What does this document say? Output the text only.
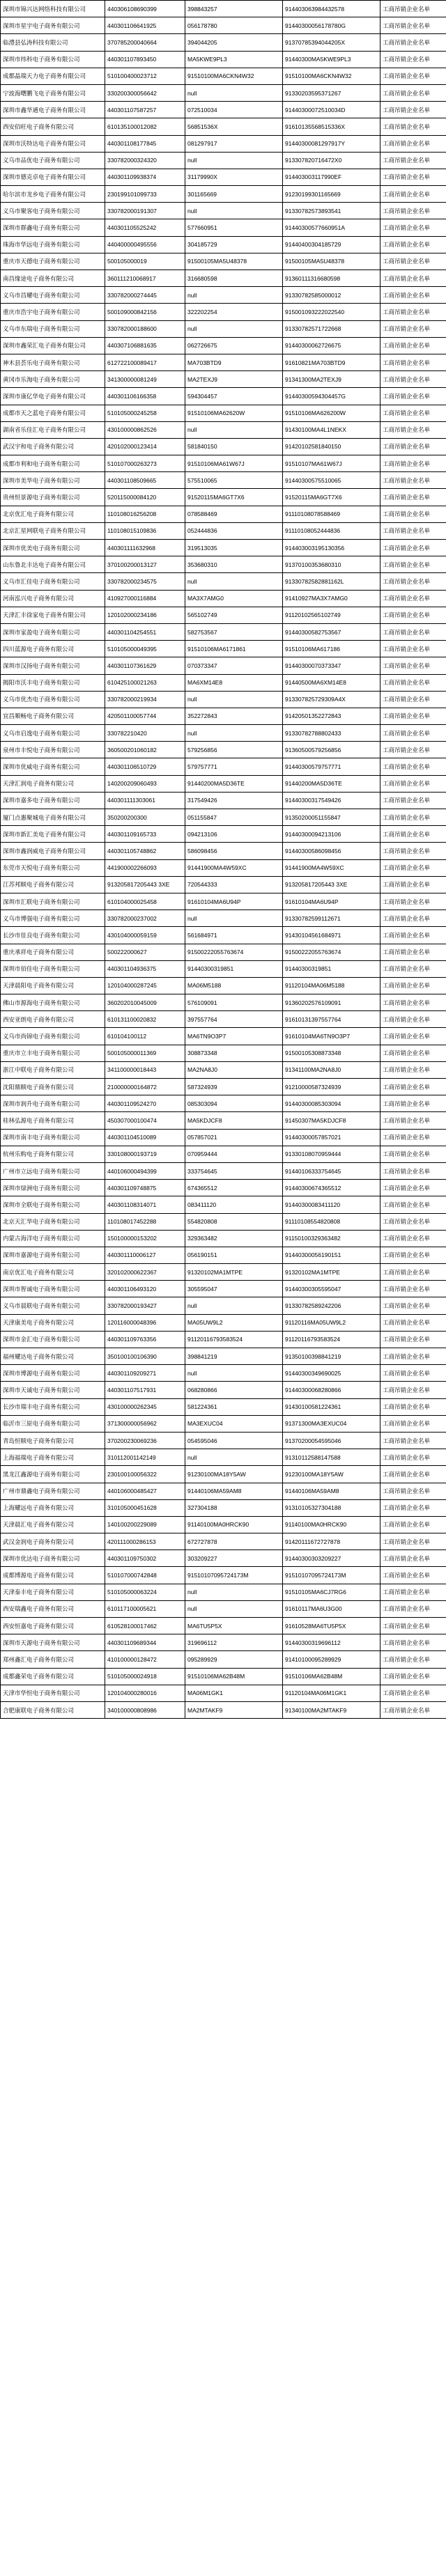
深圳市锦兴达网络科技有限公司	440306108690399	398843257	914403063984432578	工商吊销企业名单
深圳市星宇电子商务有限公司	440301106641925	056178780	91440300056178780G	工商吊销企业名单
临澧县弘涛科技有限公司	370785200040664	394044205	91370785394044205X	工商吊销企业名单
深圳市纬科电子商务有限公司	440301107893450	MA5KWE9PL3	91440300MA5KWE9PL3	工商吊销企业名单
成都晶瑞天力电子商务有限公司	510100400023712	91510100MA6CKN4W32	91510100MA6CKN4W32	工商吊销企业名单
宁波海曙鹏飞电子商务有限公司	330200300056642	null	91330203595371267	工商吊销企业名单
深圳市鑫华通电子商务有限公司	440301107587257	072510034	91440300072510034D	工商吊销企业名单
西安佰旺电子商务有限公司	610135100012082	56851536X	91610135568515336X	工商吊销企业名单
深圳市沃特达电子商务有限公司	440301108177845	081297917	91440300081297917Y	工商吊销企业名单
义乌市品优电子商务有限公司	330782000324320	null	913307820716472X0	工商吊销企业名单
深圳市德克卓电子商务有限公司	440301109938374	31179990X	914403003117990EF	工商吊销企业名单
哈尔滨市龙乡电子商务有限公司	230199101099733	301165669	91230199301165669	工商吊销企业名单
义乌市聚客电子商务有限公司	330782000191307	null	91330782573893541	工商吊销企业名单
深圳市群鑫电子商务有限公司	440301105525242	577660951	91440300577660951A	工商吊销企业名单
珠海市华远电子商务有限公司	440400000495556	304185729	91440400304185729	工商吊销企业名单
重庆市天德电子商务有限公司	500105000019	91500105MA5U48378	91500105MA5U48378	工商吊销企业名单
南昌缘途电子商务有限公司	360111210068917	316680598	91360111316680598	工商吊销企业名单
义乌市昌耀电子商务有限公司	330782000274445	null	91330782585000012	工商吊销企业名单
重庆市浩宇电子商务有限公司	500109000842156	322202254	915001093222022540	工商吊销企业名单
义乌市东瑞电子商务有限公司	330782000188600	null	91330782571722668	工商吊销企业名单
深圳市鑫荣汇电子商务有限公司	440307106881635	062726675	91440300062726675	工商吊销企业名单
神木县荟乐电子商务有限公司	612722100089417	MA703BTD9	91610821MA703BTD9	工商吊销企业名单
黄冈市乐淘电子商务有限公司	341300000081249	MA2TEXJ9	91341300MA2TEXJ9	工商吊销企业名单
深圳市康亿华电子商务有限公司	440301106166358	594304457	91440300594304457G	工商吊销企业名单
成都市天之蓝电子商务有限公司	510105000245258	91510106MA62620W	91510106MA626200W	工商吊销企业名单
湖南省乐佳汇电子商务有限公司	430100000862526	null	91430100MA4L1NEKX	工商吊销企业名单
武汉宇和电子商务有限公司	420102000123414	581840150	91420102581840150	工商吊销企业名单
成都市利和电子商务有限公司	510107000263273	91510106MA61W67J	91510107MA61W67J	工商吊销企业名单
深圳市美华电子商务有限公司	440301108509665	575510065	91440300575510065	工商吊销企业名单
贵州恒景源电子商务有限公司	520115000084120	91520115MA6GT7X6	91520115MA6GT7X6	工商吊销企业名单
北京优汇电子商务有限公司	110108016256208	078588469	91110108078588469	工商吊销企业名单
北京汇星网联电子商务有限公司	110108015109836	052444836	91110108052444836	工商吊销企业名单
深圳市优美电子商务有限公司	440301111632968	319513035	914403003195130356	工商吊销企业名单
山东鲁北丰达电子商务有限公司	370100200013127	353680310	91370100353680310	工商吊销企业名单
义乌市汇佳电子商务有限公司	330782000234575	null	91330782582881162L	工商吊销企业名单
河南泓兴电子商务有限公司	410927000116884	MA3X7AMG0	91410927MA3X7AMG0	工商吊销企业名单
天津汇丰徐家电子商务有限公司	120102000234186	565102749	91120102565102749	工商吊销企业名单
深圳市家盈电子商务有限公司	440301104254551	582753567	91440300582753567	工商吊销企业名单
四川蓝源电子商务有限公司	510105000049395	91510106MA6171861	91510106MA617186	工商吊销企业名单
深圳市汉扬电子商务有限公司	440301107361629	070373347	91440300070373347	工商吊销企业名单
揭阳市沃丰电子商务有限公司	610425100021263	MA6XM14E8	91440500MA6XM14E8	工商吊销企业名单
义乌市优杰电子商务有限公司	330782000219934	null	913307825729309A4X	工商吊销企业名单
宜昌顺畅电子商务有限公司	420501100057744	352272843	91420501352272843	工商吊销企业名单
义乌市启逸电子商务有限公司	330782210420	null	91330782788802433	工商吊销企业名单
泉州市丰悦电子商务有限公司	360500201060182	579256856	91360500579256856	工商吊销企业名单
深圳市优威电子商务有限公司	440301106510729	579757771	91440300579757771	工商吊销企业名单
天津汇润电子商务有限公司	140200209060493	91440200MA5D36TE	91440200MA5D36TE	工商吊销企业名单
深圳市嘉多电子商务有限公司	440301111303061	317549426	91440300317549426	工商吊销企业名单
厦门点惠聚城电子商务有限公司	350200200300	051155847	91350200051155847	工商吊销企业名单
深圳市新汇美电子商务有限公司	440301109165733	094213106	91440300094213106	工商吊销企业名单
深圳市鑫润威电子商务有限公司	440301105748862	586098456	91440300586098456	工商吊销企业名单
东莞市天悦电子商务有限公司	441900002266093	91441900MA4W59XC	91441900MA4W59XC	工商吊销企业名单
江苏邦顺电子商务有限公司	913205817205443 3XE	720544333	913205817205443 3XE	工商吊销企业名单
深圳市汇联电子商务有限公司	610104000025458	91610104MA6U94P	91610104MA6U94P	工商吊销企业名单
义乌市博强电子商务有限公司	330782000237002	null	91330782599112671	工商吊销企业名单
长沙市佳良电子商务有限公司	430104000059159	561684971	91430104561684971	工商吊销企业名单
重庆承祥电子商务有限公司	500222000627	91500222055763674	91500222055763674	工商吊销企业名单
深圳市佰佳电子商务有限公司	440301104936375	91440300319851	91440300319851	工商吊销企业名单
天津晨阳电子商务有限公司	120104000287245	MA06M5188	91120104MA06M5188	工商吊销企业名单
佛山市源海电子商务有限公司	360202010045009	576109091	91360202576109091	工商吊销企业名单
西安亚朗电子商务有限公司	610131100020832	397557764	91610131397557764	工商吊销企业名单
义乌市尚锦电子商务有限公司	610104100112	MA6TN9O3P7	91610104MA6TN9O3P7	工商吊销企业名单
重庆市立丰电子商务有限公司	500105000011369	308873348	91500105308873348	工商吊销企业名单
浙江中联电子商务有限公司	341100000018443	MA2NA8J0	91341100MA2NA8J0	工商吊销企业名单
沈阳鼎顺电子商务有限公司	210000000164872	587324939	91210000587324939	工商吊销企业名单
深圳市润升电子商务有限公司	440301109524270	085303094	91440300085303094	工商吊销企业名单
桂林弘源电子商务有限公司	450307000100474	MA5KDJCF8	91450307MA5KDJCF8	工商吊销企业名单
深圳市南丰电子商务有限公司	440301104510089	057857021	91440300057857021	工商吊销企业名单
杭州乐购电子商务有限公司	330108000193719	070959444	91330108070959444	工商吊销企业名单
广州市立远电子商务有限公司	440106000494399	333754645	91440106333754645	工商吊销企业名单
深圳市绿洲电子商务有限公司	440301109748875	674365512	91440300674365512	工商吊销企业名单
深圳市全联电子商务有限公司	440301108314071	083411120	91440300083411120	工商吊销企业名单
北京天汇华电子商务有限公司	110108017452288	554820808	91110108554820808	工商吊销企业名单
内蒙古海洋电子商务有限公司	150100000153202	329363482	91150100329363482	工商吊销企业名单
深圳市嘉源电子商务有限公司	440301110006127	056190151	91440300056190151	工商吊销企业名单
南京优汇电子商务有限公司	320102000622367	91320102MA1MTPE	91320102MA1MTPE	工商吊销企业名单
深圳市智诚电子商务有限公司	440301106493120	305595047	91440300305595047	工商吊销企业名单
义乌市晨联电子商务有限公司	330782000193427	null	91330782589242206	工商吊销企业名单
天津康美电子商务有限公司	120116000048396	MA05UW9L2	91120116MA05UW9L2	工商吊销企业名单
深圳市金汇电子商务有限公司	440301109763356	91120116793583524	91120116793583524	工商吊销企业名单
福州耀达电子商务有限公司	350100100106390	398841219	91350100398841219	工商吊销企业名单
深圳市博源电子商务有限公司	440301109209271	null	91440300349690025	工商吊销企业名单
深圳市天诚电子商务有限公司	440301107517931	068280866	91440300068280866	工商吊销企业名单
长沙市瑞丰电子商务有限公司	430100000262345	581224361	91430100581224361	工商吊销企业名单
临沂市三原电子商务有限公司	371300000056962	MA3EXUC04	91371300MA3EXUC04	工商吊销企业名单
青岛恒顺电子商务有限公司	370200230069236	054595046	91370200054595046	工商吊销企业名单
上海福瑞电子商务有限公司	310112001142149	null	91310112588147588	工商吊销企业名单
黑龙江鑫源电子商务有限公司	230100100056322	91230100MA18Y5AW	91230100MA18Y5AW	工商吊销企业名单
广州市鼎鑫电子商务有限公司	440106000485427	91440106MA59AM8	91440106MA59AM8	工商吊销企业名单
上海耀远电子商务有限公司	310105000451628	327304188	91310105327304188	工商吊销企业名单
天津晨汇电子商务有限公司	140100200229089	91140100MA0HRCK90	91140100MA0HRCK90	工商吊销企业名单
武汉金润电子商务有限公司	420111000286153	672727878	91420111672727878	工商吊销企业名单
深圳市优达电子商务有限公司	440301109750302	303209227	91440300303209227	工商吊销企业名单
成都博源电子商务有限公司	510107000742848	91510107095724173M	91510107095724173M	工商吊销企业名单
天津泰丰电子商务有限公司	510105000063224	null	91510105MA6CJ7RG6	工商吊销企业名单
西安瑞鑫电子商务有限公司	610117100005621	null	91610117MA6U3G00	工商吊销企业名单
西安恒嘉电子商务有限公司	610528100017462	MA6TU5P5X	91610528MA6TU5P5X	工商吊销企业名单
深圳市天源电子商务有限公司	440301109689344	319696112	91440300319696112	工商吊销企业名单
郑州鑫汇电子商务有限公司	410100000128472	095289929	91410100095289929	工商吊销企业名单
成都鑫荣电子商务有限公司	510105000024918	91510106MA62B48M	91510106MA62B48M	工商吊销企业名单
天津市华恒电子商务有限公司	120104000280016	MA06M1GK1	91120104MA06M1GK1	工商吊销企业名单
合肥康联电子商务有限公司	340100000808986	MA2MTAKF9	91340100MA2MTAKF9	工商吊销企业名单
